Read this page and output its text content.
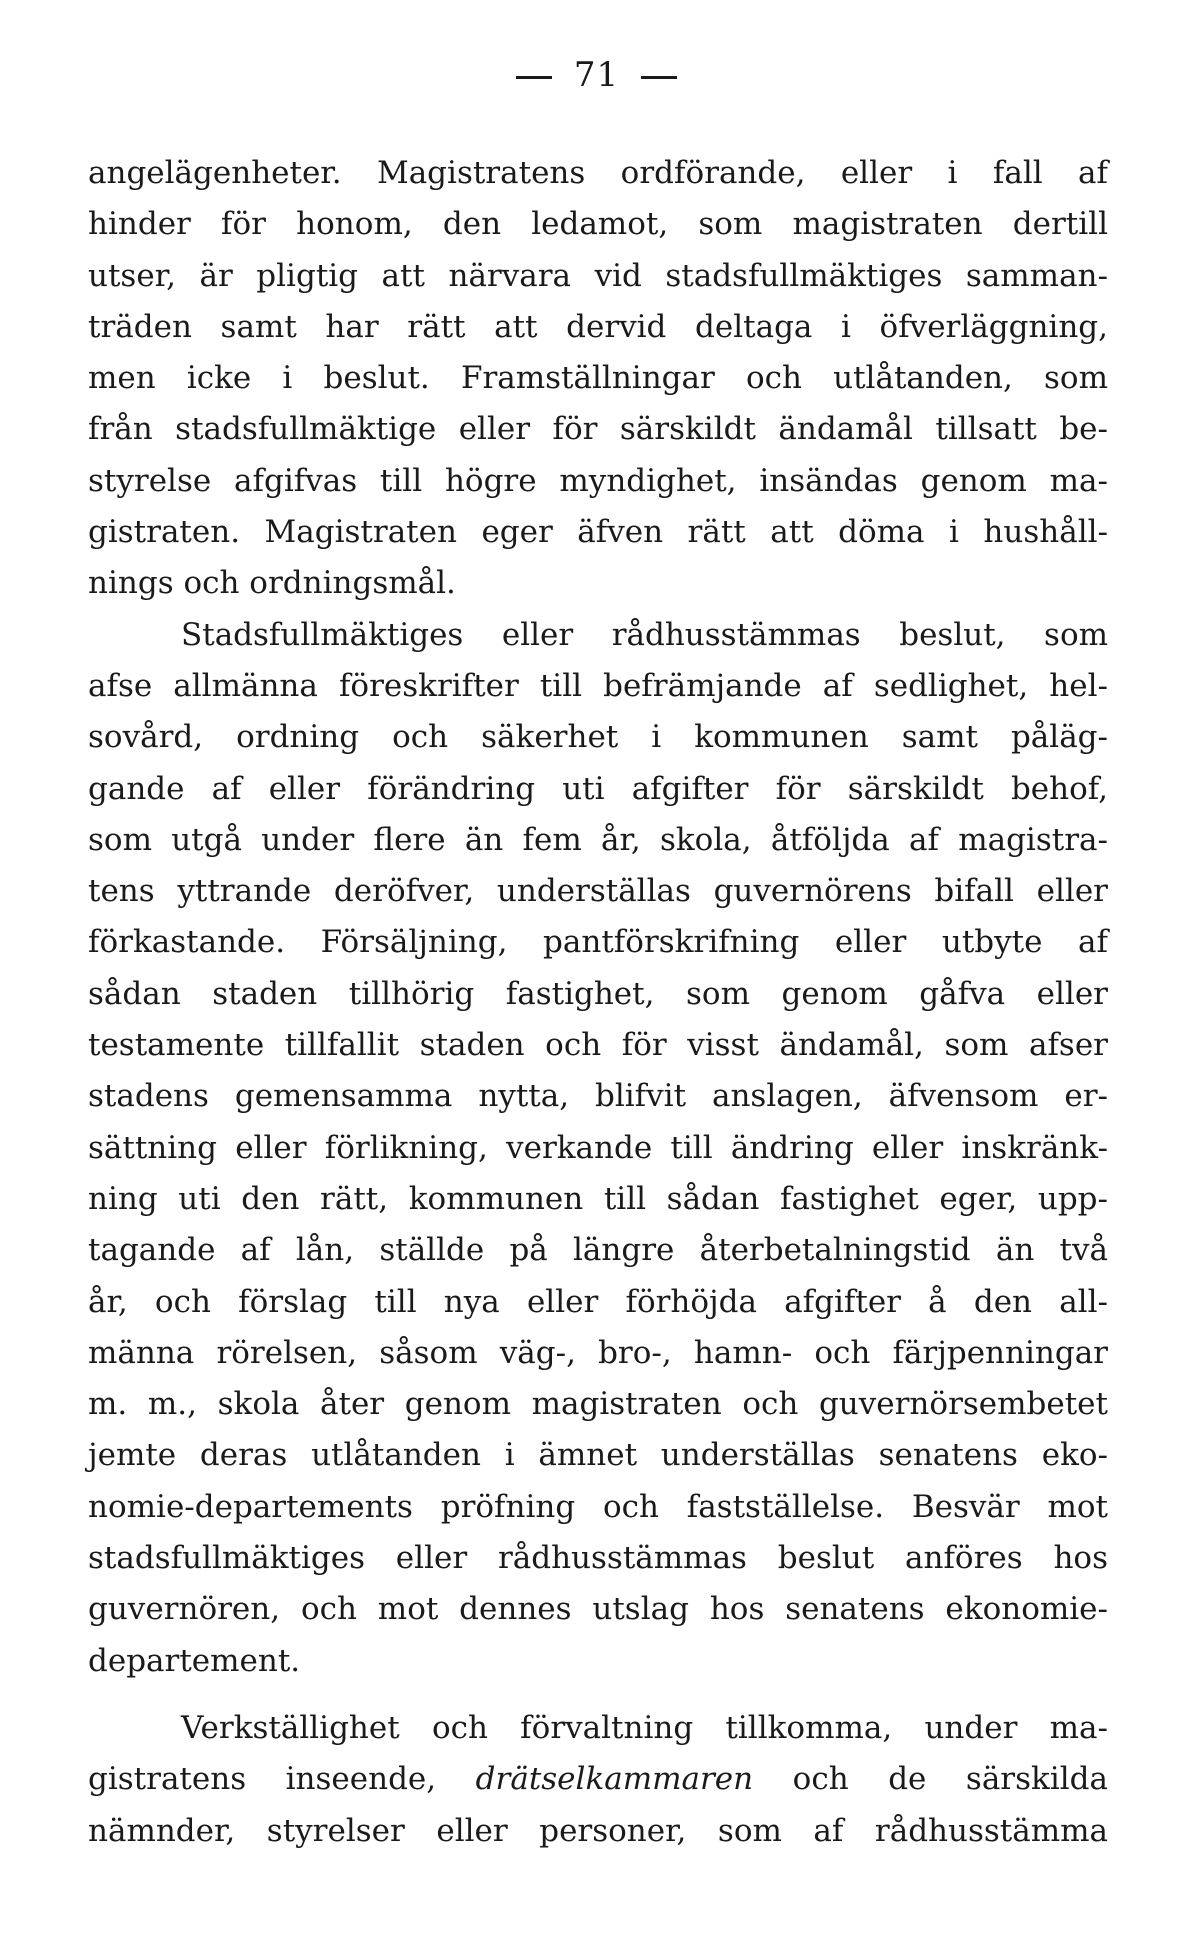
71
angelägenheter. Magistratens ordförande, eller i fall af
hinder för honom, den ledamot, som magistraten dertill
utser, är pligtig att närvara vid stadsfullmäktiges samman-
träden samt har rätt att dervid deltaga i öfverläggning,
men icke i beslut. Framställningar och utlåtanden, som
från stadsfullmäktige eller för särskildt ändamål tillsatt be-
styrelse afgifvas till högre myndighet, insändas genom ma-
gistraten. Magistraten eger äfven rätt att döma i hushåll-
nings och ordningsmål.
Stadsfullmäktiges eller rådhusstämmas beslut, som
afse allmänna föreskrifter till befrämjande af sedlighet, hel-
sovård, ordning och säkerhet i kommunen samt påläg-
gande af eller förändring uti afgifter för särskildt behof,
som utgå under flere än fem år, skola, åtföljda af magistra-
tens yttrande deröfver, underställas guvernörens bifall eller
förkastande. Försäljning, pantförskrifning eller utbyte af
sådan staden tillhörig fastighet, som genom gåfva eller
testamente tillfallit staden och för visst ändamål, som afser
stadens gemensamma nytta, blifvit anslagen, äfvensom er-
sättning eller förlikning, verkande till ändring eller inskränk-
ning uti den rätt, kommunen till sådan fastighet eger, upp-
tagande af lån, ställde på längre återbetalningstid än två
år, och förslag till nya eller förhöjda afgifter å den all-
männa rörelsen, såsom väg-, bro-, hamn- och färjpenningar
m. m., skola åter genom magistraten och guvernörsembetet
jemte deras utlåtanden i ämnet underställas senatens eko-
nomie-departements pröfning och fastställelse. Besvär mot
stadsfullmäktiges eller rådhusstämmas beslut anföres hos
guvernören, och mot dennes utslag hos senatens ekonomie-
departement.
Verkställighet och förvaltning tillkomma, under ma-
gistratens inseende, drätselkammaren och de särskilda
nämnder, styrelser eller personer, som af rådhusstämma
